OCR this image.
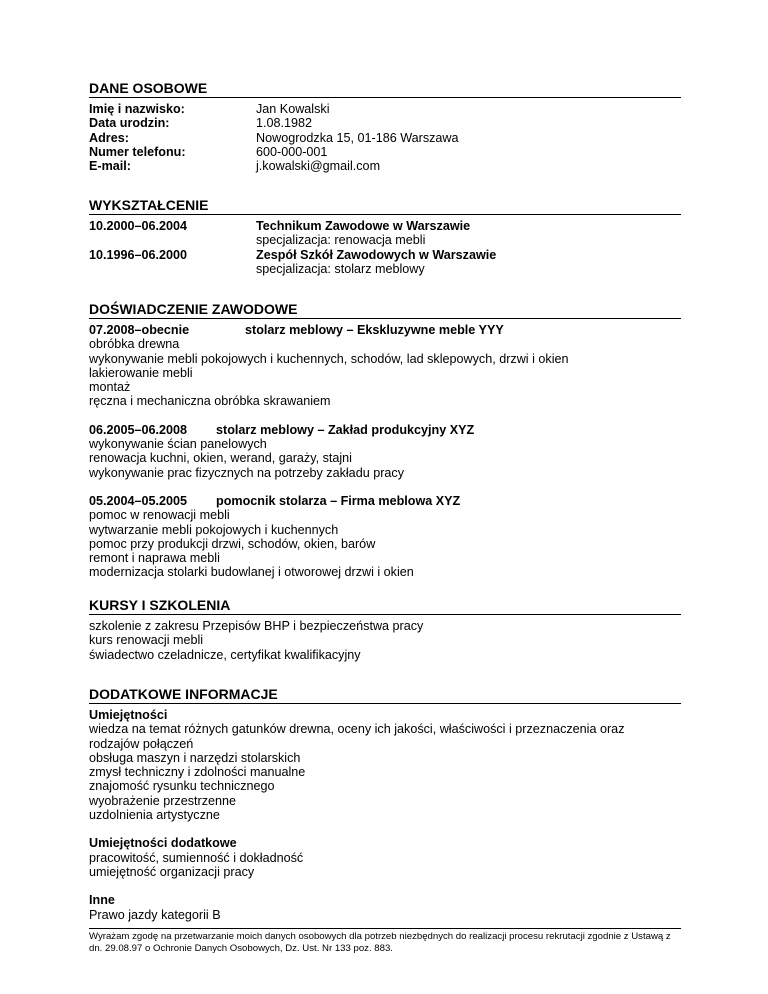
DANE OSOBOWE
Imię i nazwisko:	Jan Kowalski
Data urodzin:	1.08.1982
Adres:	Nowogrodzka 15, 01-186 Warszawa
Numer telefonu:	600-000-001
E-mail:	j.kowalski@gmail.com
WYKSZTAŁCENIE
10.2000–06.2004	Technikum Zawodowe w Warszawie
specjalizacja: renowacja mebli
10.1996–06.2000	Zespół Szkół Zawodowych w Warszawie
specjalizacja: stolarz meblowy
DOŚWIADCZENIE ZAWODOWE
07.2008–obecnie	stolarz meblowy – Ekskluzywne meble YYY
obróbka drewna
wykonywanie mebli pokojowych i kuchennych, schodów, lad sklepowych, drzwi i okien
lakierowanie mebli
montaż
ręczna i mechaniczna obróbka skrawaniem
06.2005–06.2008	stolarz meblowy – Zakład produkcyjny XYZ
wykonywanie ścian panelowych
renowacja kuchni, okien, werand, garaży, stajni
wykonywanie prac fizycznych na potrzeby zakładu pracy
05.2004–05.2005	pomocnik stolarza – Firma meblowa XYZ
pomoc w renowacji mebli
wytwarzanie mebli pokojowych i kuchennych
pomoc przy produkcji drzwi, schodów, okien, barów
remont i naprawa mebli
modernizacja stolarki budowlanej i otworowej drzwi i okien
KURSY I SZKOLENIA
szkolenie z zakresu Przepisów BHP i bezpieczeństwa pracy
kurs renowacji mebli
świadectwo czeladnicze, certyfikat kwalifikacyjny
DODATKOWE INFORMACJE
Umiejętności
wiedza na temat różnych gatunków drewna, oceny ich jakości, właściwości i przeznaczenia oraz rodzajów połączeń
obsługa maszyn i narzędzi stolarskich
zmysł techniczny i zdolności manualne
znajomość rysunku technicznego
wyobrażenie przestrzenne
uzdolnienia artystyczne
Umiejętności dodatkowe
pracowitość, sumienność i dokładność
umiejętność organizacji pracy
Inne
Prawo jazdy kategorii B
Wyrażam zgodę na przetwarzanie moich danych osobowych dla potrzeb niezbędnych do realizacji procesu rekrutacji zgodnie z Ustawą z dn. 29.08.97 o Ochronie Danych Osobowych, Dz. Ust. Nr 133 poz. 883.
